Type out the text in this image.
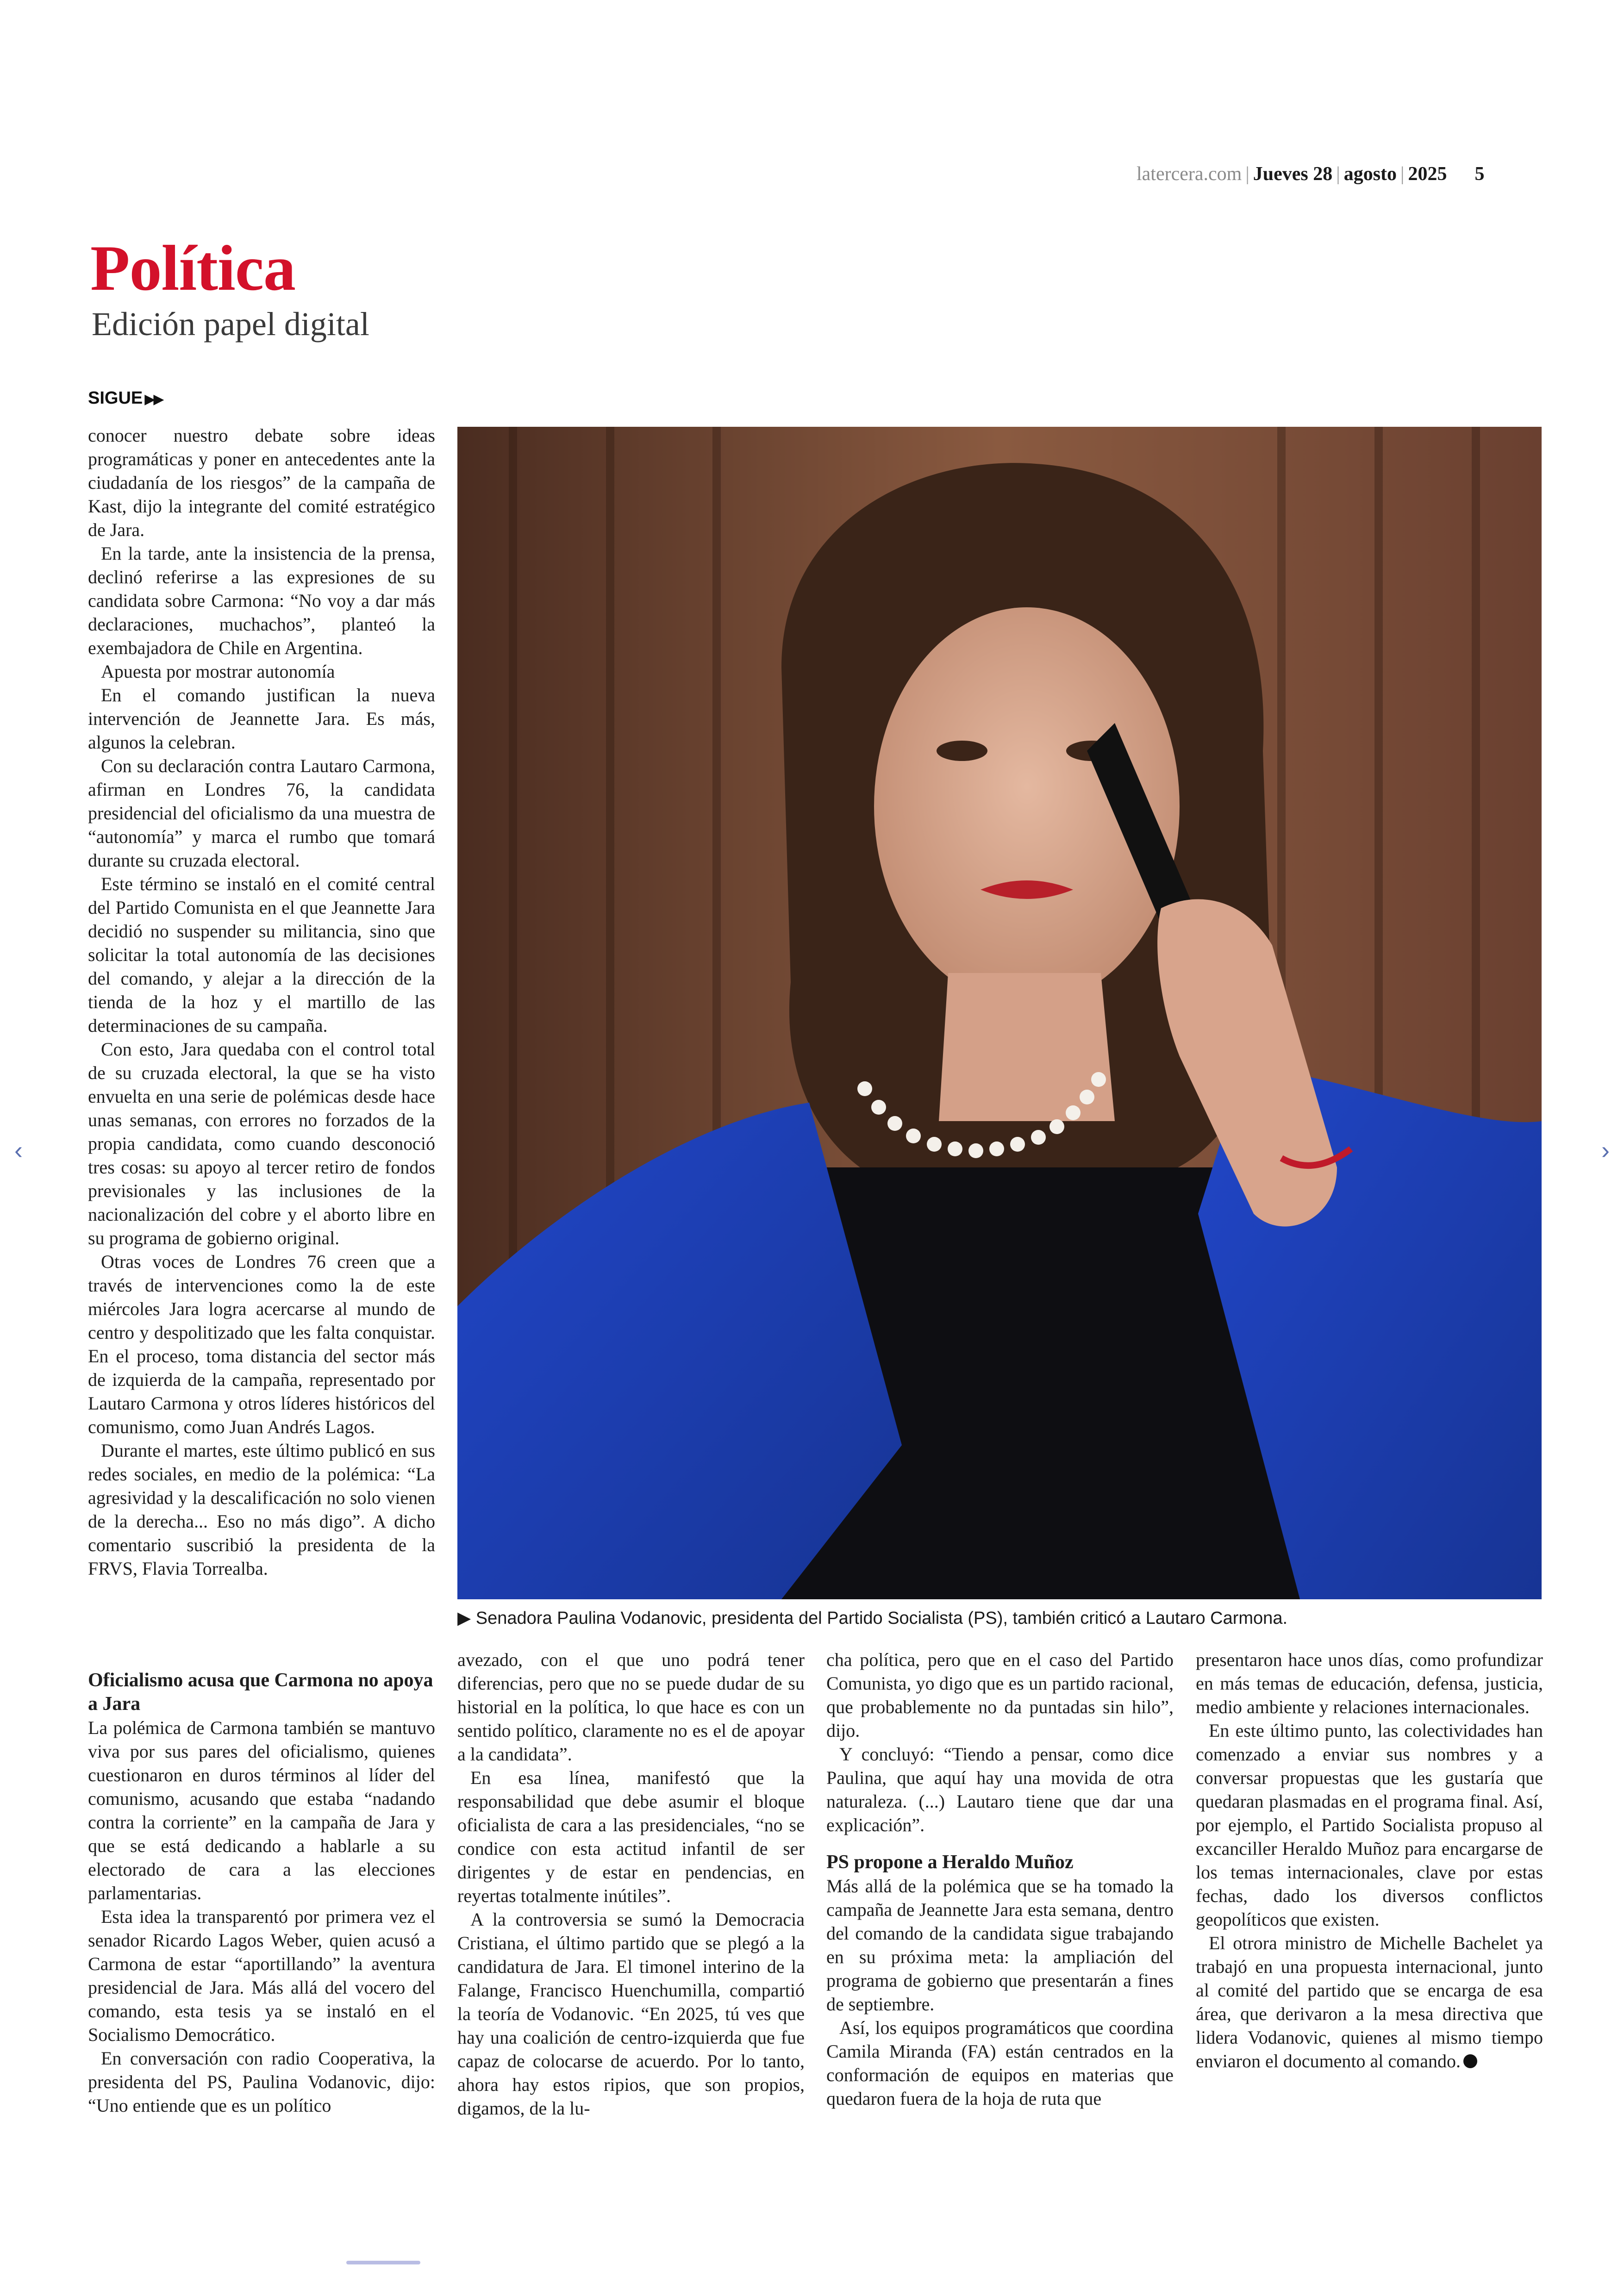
latercera.com | Jueves 28 | agosto | 2025 5
Política
Edición papel digital
SIGUE ▶▶

conocer nuestro debate sobre ideas programáticas y poner en antecedentes ante la ciudadanía de los riesgos” de la campaña de Kast, dijo la integrante del comité estratégico de Jara.

En la tarde, ante la insistencia de la prensa, declinó referirse a las expresiones de su candidata sobre Carmona: “No voy a dar más declaraciones, muchachos”, planteó la exembajadora de Chile en Argentina.

Apuesta por mostrar autonomía

En el comando justifican la nueva intervención de Jeannette Jara. Es más, algunos la celebran.

Con su declaración contra Lautaro Carmona, afirman en Londres 76, la candidata presidencial del oficialismo da una muestra de “autonomía” y marca el rumbo que tomará durante su cruzada electoral.

Este término se instaló en el comité central del Partido Comunista en el que Jeannette Jara decidió no suspender su militancia, sino que solicitar la total autonomía de las decisiones del comando, y alejar a la dirección de la tienda de la hoz y el martillo de las determinaciones de su campaña.

Con esto, Jara quedaba con el control total de su cruzada electoral, la que se ha visto envuelta en una serie de polémicas desde hace unas semanas, con errores no forzados de la propia candidata, como cuando desconoció tres cosas: su apoyo al tercer retiro de fondos previsionales y las inclusiones de la nacionalización del cobre y el aborto libre en su programa de gobierno original.

Otras voces de Londres 76 creen que a través de intervenciones como la de este miércoles Jara logra acercarse al mundo de centro y despolitizado que les falta conquistar. En el proceso, toma distancia del sector más de izquierda de la campaña, representado por Lautaro Carmona y otros líderes históricos del comunismo, como Juan Andrés Lagos.

Durante el martes, este último publicó en sus redes sociales, en medio de la polémica: “La agresividad y la descalificación no solo vienen de la derecha... Eso no más digo”. A dicho comentario suscribió la presidenta de la FRVS, Flavia Torrealba.

▶ Senadora Paulina Vodanovic, presidenta del Partido Socialista (PS), también criticó a Lautaro Carmona.
Oficialismo acusa que Carmona no apoya a Jara

La polémica de Carmona también se mantuvo viva por sus pares del oficialismo, quienes cuestionaron en duros términos al líder del comunismo, acusando que estaba “nadando contra la corriente” en la campaña de Jara y que se está dedicando a hablarle a su electorado de cara a las elecciones parlamentarias.

Esta idea la transparentó por primera vez el senador Ricardo Lagos Weber, quien acusó a Carmona de estar “aportillando” la aventura presidencial de Jara. Más allá del vocero del comando, esta tesis ya se instaló en el Socialismo Democrático.

En conversación con radio Cooperativa, la presidenta del PS, Paulina Vodanovic, dijo: “Uno entiende que es un político

avezado, con el que uno podrá tener diferencias, pero que no se puede dudar de su historial en la política, lo que hace es con un sentido político, claramente no es el de apoyar a la candidata”.

En esa línea, manifestó que la responsabilidad que debe asumir el bloque oficialista de cara a las presidenciales, “no se condice con esta actitud infantil de ser dirigentes y de estar en pendencias, en reyertas totalmente inútiles”.

A la controversia se sumó la Democracia Cristiana, el último partido que se plegó a la candidatura de Jara. El timonel interino de la Falange, Francisco Huenchumilla, compartió la teoría de Vodanovic. “En 2025, tú ves que hay una coalición de centro-izquierda que fue capaz de colocarse de acuerdo. Por lo tanto, ahora hay estos ripios, que son propios, digamos, de la lu-

cha política, pero que en el caso del Partido Comunista, yo digo que es un partido racional, que probablemente no da puntadas sin hilo”, dijo.

Y concluyó: “Tiendo a pensar, como dice Paulina, que aquí hay una movida de otra naturaleza. (...) Lautaro tiene que dar una explicación”.

PS propone a Heraldo Muñoz

Más allá de la polémica que se ha tomado la campaña de Jeannette Jara esta semana, dentro del comando de la candidata sigue trabajando en su próxima meta: la ampliación del programa de gobierno que presentarán a fines de septiembre.

Así, los equipos programáticos que coordina Camila Miranda (FA) están centrados en la conformación de equipos en materias que quedaron fuera de la hoja de ruta que

presentaron hace unos días, como profundizar en más temas de educación, defensa, justicia, medio ambiente y relaciones internacionales.

En este último punto, las colectividades han comenzado a enviar sus nombres y a conversar propuestas que les gustaría que quedaran plasmadas en el programa final. Así, por ejemplo, el Partido Socialista propuso al excanciller Heraldo Muñoz para encargarse de los temas internacionales, clave por estas fechas, dado los diversos conflictos geopolíticos que existen.

El otrora ministro de Michelle Bachelet ya trabajó en una propuesta internacional, junto al comité del partido que se encarga de esa área, que derivaron a la mesa directiva que lidera Vodanovic, quienes al mismo tiempo enviaron el documento al comando.

‹	›
